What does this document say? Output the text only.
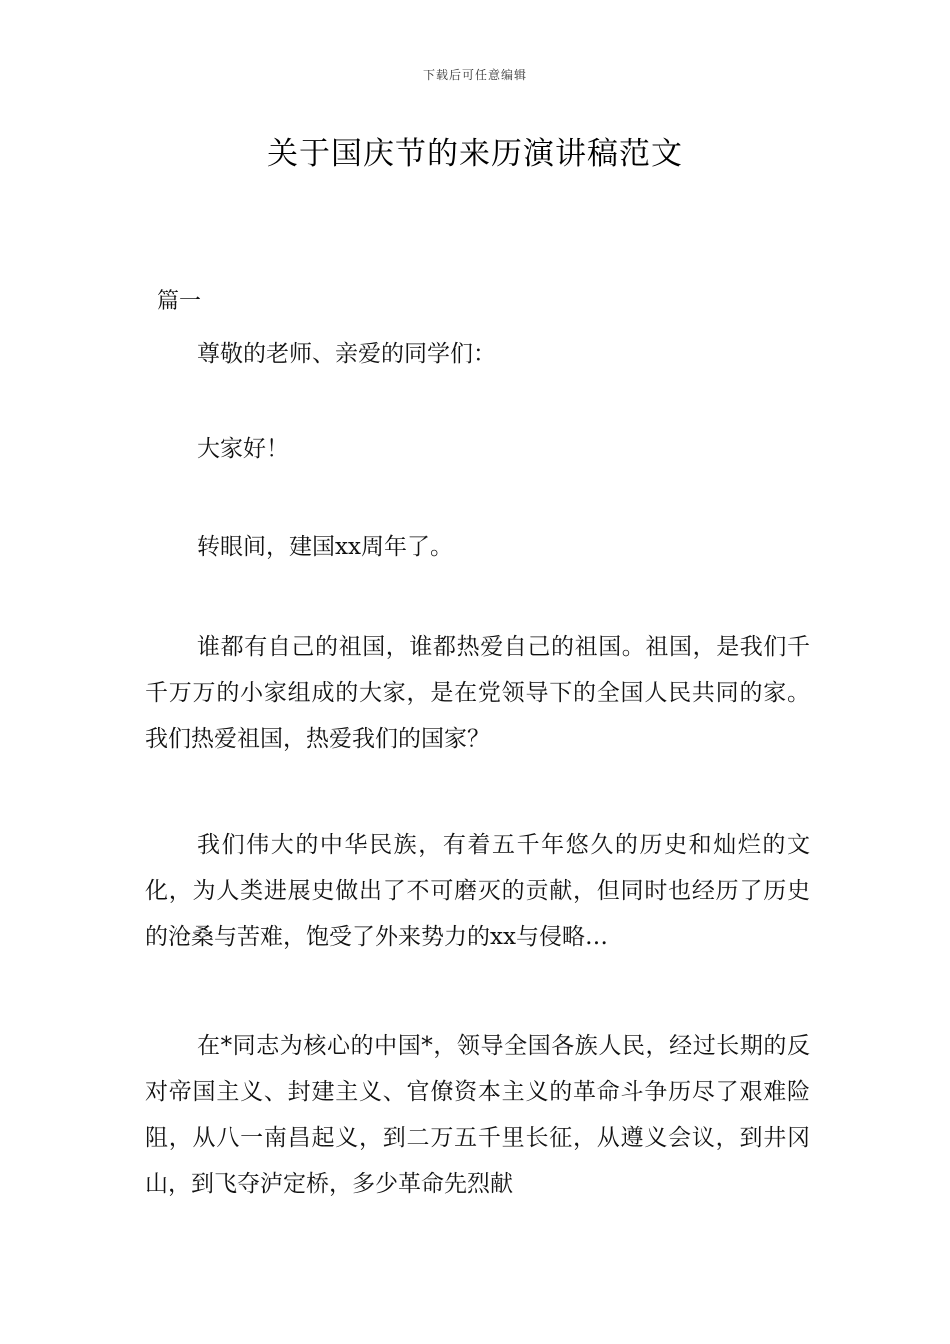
下载后可任意编辑
关于国庆节的来历演讲稿范文
篇一

尊敬的老师、亲爱的同学们：

大家好！

转眼间，建国xx周年了。

谁都有自己的祖国，谁都热爱自己的祖国。祖国，是我们千千万万的小家组成的大家，是在党领导下的全国人民共同的家。我们热爱祖国，热爱我们的国家？

我们伟大的中华民族，有着五千年悠久的历史和灿烂的文化，为人类进展史做出了不可磨灭的贡献，但同时也经历了历史的沧桑与苦难，饱受了外来势力的xx与侵略…

在*同志为核心的中国*，领导全国各族人民，经过长期的反对帝国主义、封建主义、官僚资本主义的革命斗争历尽了艰难险阻，从八一南昌起义，到二万五千里长征，从遵义会议，到井冈山，到飞夺泸定桥，多少革命先烈献
